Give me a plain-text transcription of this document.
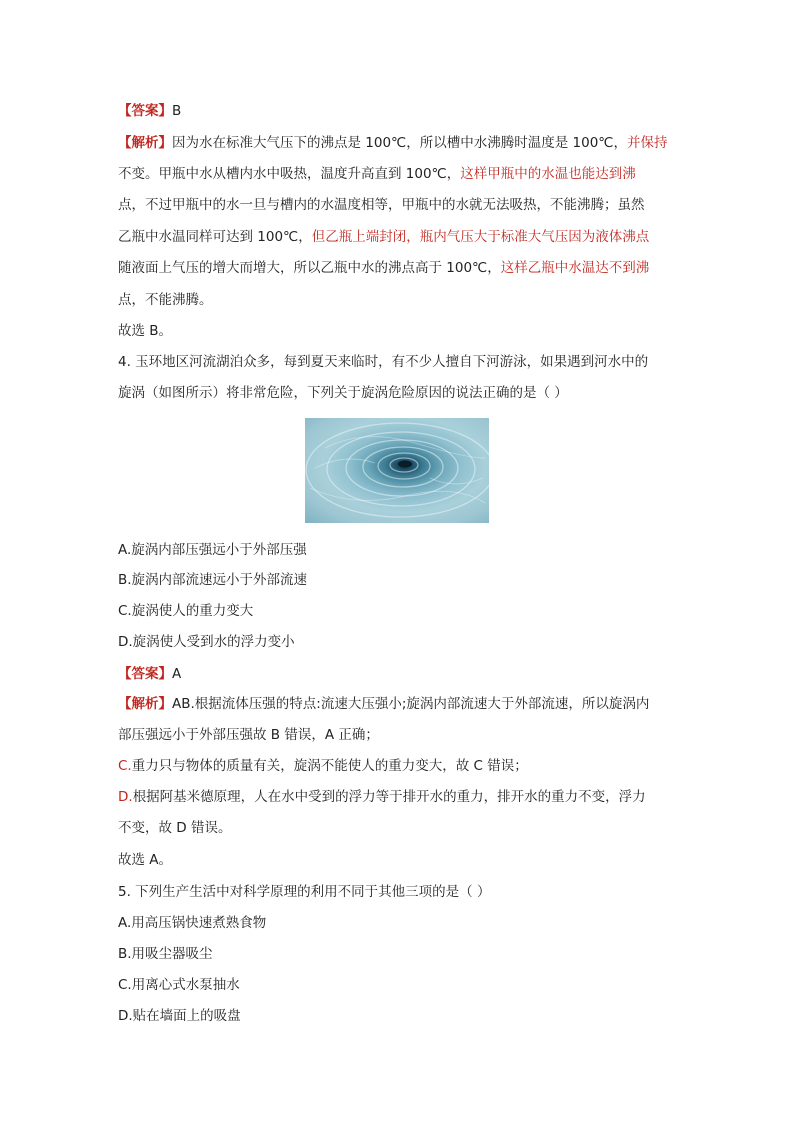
【答案】B
【解析】因为水在标准大气压下的沸点是 100℃，所以槽中水沸腾时温度是 100℃，并保持
不变。甲瓶中水从槽内水中吸热，温度升高直到 100℃，这样甲瓶中的水温也能达到沸
点，不过甲瓶中的水一旦与槽内的水温度相等，甲瓶中的水就无法吸热，不能沸腾；虽然
乙瓶中水温同样可达到 100℃，但乙瓶上端封闭，瓶内气压大于标准大气压因为液体沸点
随液面上气压的增大而增大，所以乙瓶中水的沸点高于 100℃，这样乙瓶中水温达不到沸
点，不能沸腾。
故选 B。
4. 玉环地区河流湖泊众多，每到夏天来临时，有不少人擅自下河游泳，如果遇到河水中的
旋涡（如图所示）将非常危险，下列关于旋涡危险原因的说法正确的是（ ）
A.旋涡内部压强远小于外部压强
B.旋涡内部流速远小于外部流速
C.旋涡使人的重力变大
D.旋涡使人受到水的浮力变小
【答案】A
【解析】AB.根据流体压强的特点:流速大压强小;旋涡内部流速大于外部流速，所以旋涡内
部压强远小于外部压强故 B 错误，A 正确；
C.重力只与物体的质量有关，旋涡不能使人的重力变大，故 C 错误；
D.根据阿基米德原理，人在水中受到的浮力等于排开水的重力，排开水的重力不变，浮力
不变，故 D 错误。
故选 A。
5. 下列生产生活中对科学原理的利用不同于其他三项的是（ ）
A.用高压锅快速煮熟食物
B.用吸尘器吸尘
C.用离心式水泵抽水
D.贴在墙面上的吸盘
